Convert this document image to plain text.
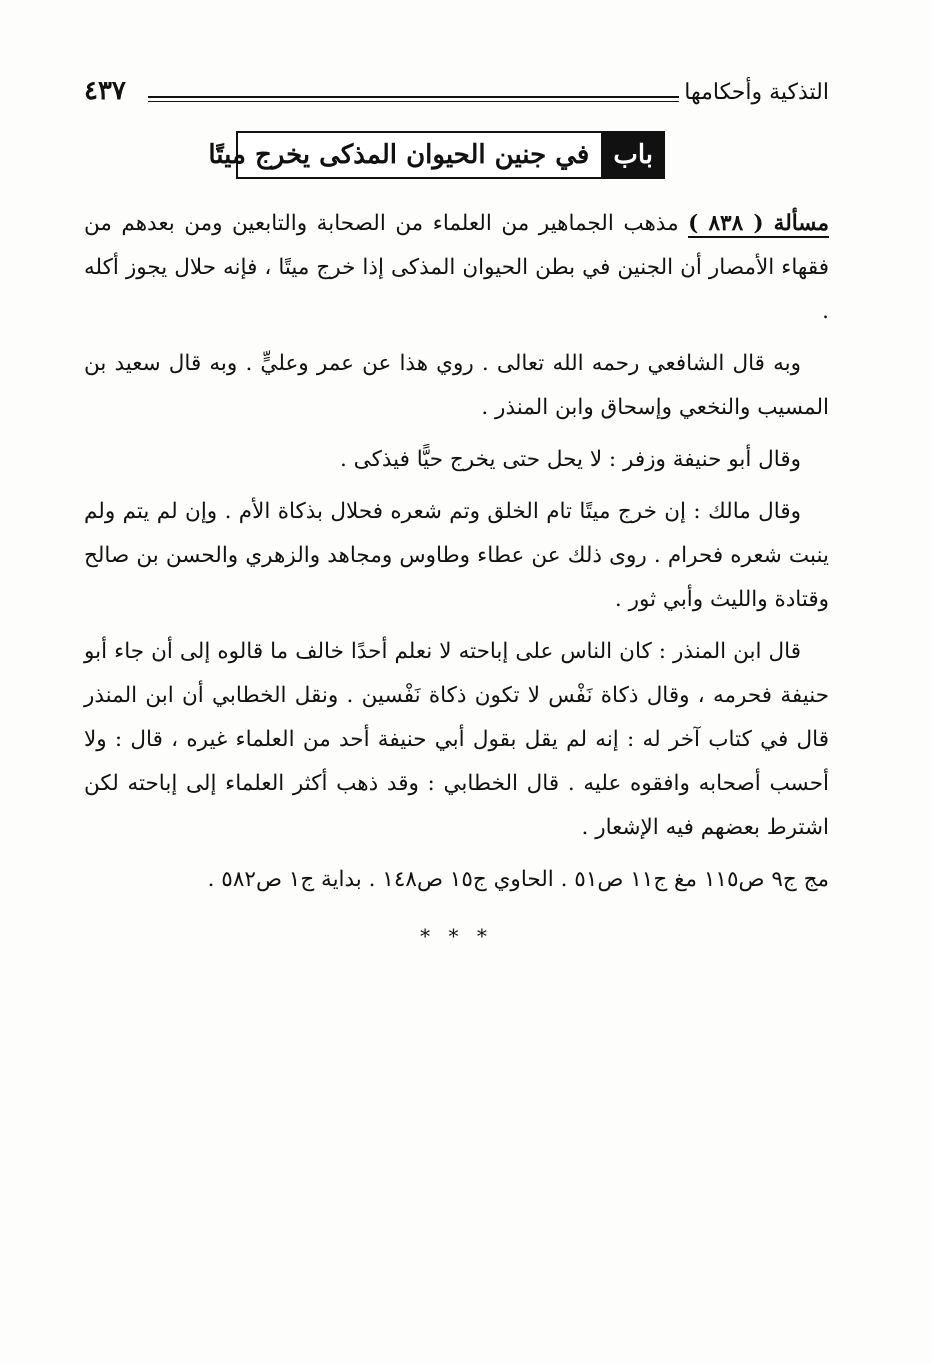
التذكية وأحكامها
٤٣٧
باب
في جنين الحيوان المذكى يخرج ميتًا

مسألة ( ٨٣٨ ) مذهب الجماهير من العلماء من الصحابة والتابعين ومن بعدهم من فقهاء الأمصار أن الجنين في بطن الحيوان المذكى إذا خرج ميتًا ، فإنه حلال يجوز أكله .

وبه قال الشافعي رحمه الله تعالى . روي هذا عن عمر وعليٍّ . وبه قال سعيد بن المسيب والنخعي وإسحاق وابن المنذر .

وقال أبو حنيفة وزفر : لا يحل حتى يخرج حيًّا فيذكى .

وقال مالك : إن خرج ميتًا تام الخلق وتم شعره فحلال بذكاة الأم . وإن لم يتم ولم ينبت شعره فحرام . روى ذلك عن عطاء وطاوس ومجاهد والزهري والحسن بن صالح وقتادة والليث وأبي ثور .

قال ابن المنذر : كان الناس على إباحته لا نعلم أحدًا خالف ما قالوه إلى أن جاء أبو حنيفة فحرمه ، وقال ذكاة نَفْس لا تكون ذكاة نَفْسين . ونقل الخطابي أن ابن المنذر قال في كتاب آخر له : إنه لم يقل بقول أبي حنيفة أحد من العلماء غيره ، قال : ولا أحسب أصحابه وافقوه عليه . قال الخطابي : وقد ذهب أكثر العلماء إلى إباحته لكن اشترط بعضهم فيه الإشعار .

مج ج٩ ص١١٥ مغ ج١١ ص٥١ . الحاوي ج١٥ ص١٤٨ . بداية ج١ ص٥٨٢ .

* * *
